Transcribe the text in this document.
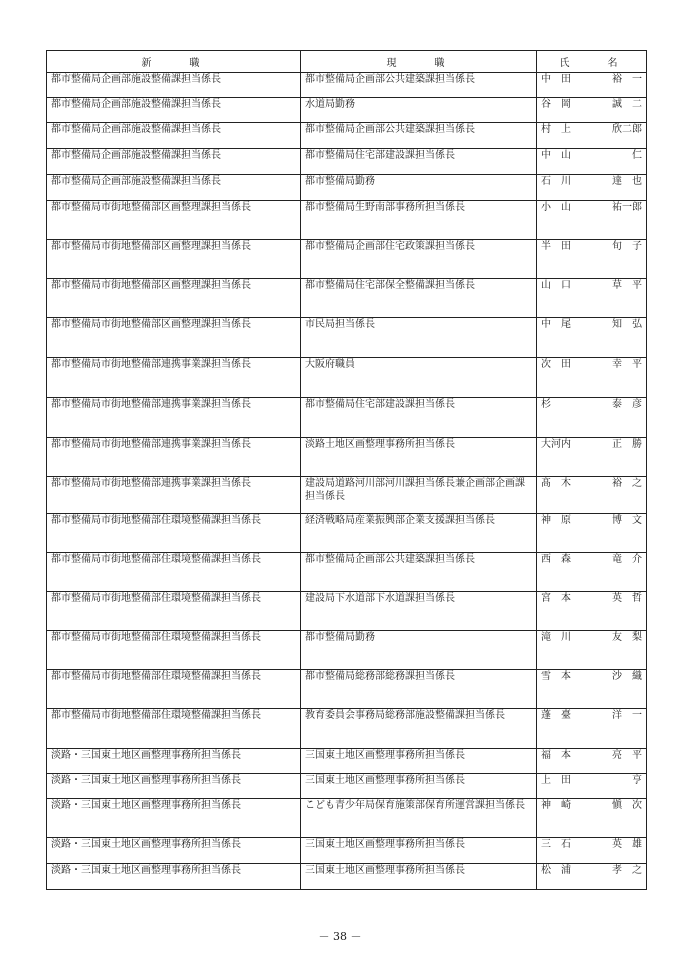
新　　職	現　　職	氏　　名
都市整備局企画部施設整備課担当係長	都市整備局企画部公共建築課担当係長	中　田 裕　一

都市整備局企画部施設整備課担当係長	水道局勤務	谷　岡 誠　二

都市整備局企画部施設整備課担当係長	都市整備局企画部公共建築課担当係長	村　上 欣二郎

都市整備局企画部施設整備課担当係長	都市整備局住宅部建設課担当係長	中　山 仁

都市整備局企画部施設整備課担当係長	都市整備局勤務	石　川 達　也

都市整備局市街地整備部区画整理課担当係長	都市整備局生野南部事務所担当係長	小　山 祐一郎

都市整備局市街地整備部区画整理課担当係長	都市整備局企画部住宅政策課担当係長	半　田 旬　子

都市整備局市街地整備部区画整理課担当係長	都市整備局住宅部保全整備課担当係長	山　口 草　平

都市整備局市街地整備部区画整理課担当係長	市民局担当係長	中　尾 知　弘

都市整備局市街地整備部連携事業課担当係長	大阪府職員	次　田 幸　平

都市整備局市街地整備部連携事業課担当係長	都市整備局住宅部建設課担当係長	杉 泰　彦

都市整備局市街地整備部連携事業課担当係長	淡路土地区画整理事務所担当係長	大河内 正　勝

都市整備局市街地整備部連携事業課担当係長	建設局道路河川部河川課担当係長兼企画部企画課担当係長	髙　木 裕　之

都市整備局市街地整備部住環境整備課担当係長	経済戦略局産業振興部企業支援課担当係長	神　原 博　文

都市整備局市街地整備部住環境整備課担当係長	都市整備局企画部公共建築課担当係長	西　森 竜　介

都市整備局市街地整備部住環境整備課担当係長	建設局下水道部下水道課担当係長	宮　本 英　哲

都市整備局市街地整備部住環境整備課担当係長	都市整備局勤務	滝　川 友　梨

都市整備局市街地整備部住環境整備課担当係長	都市整備局総務部総務課担当係長	雪　本 沙　織

都市整備局市街地整備部住環境整備課担当係長	教育委員会事務局総務部施設整備課担当係長	蓬　臺 洋　一

淡路・三国東土地区画整理事務所担当係長	三国東土地区画整理事務所担当係長	福　本 亮　平

淡路・三国東土地区画整理事務所担当係長	三国東土地区画整理事務所担当係長	上　田 亨

淡路・三国東土地区画整理事務所担当係長	こども青少年局保育施策部保育所運営課担当係長	神　崎 愼　次

淡路・三国東土地区画整理事務所担当係長	三国東土地区画整理事務所担当係長	三　石 英　雄

淡路・三国東土地区画整理事務所担当係長	三国東土地区画整理事務所担当係長	松　浦 孝　之
－ 38 －
